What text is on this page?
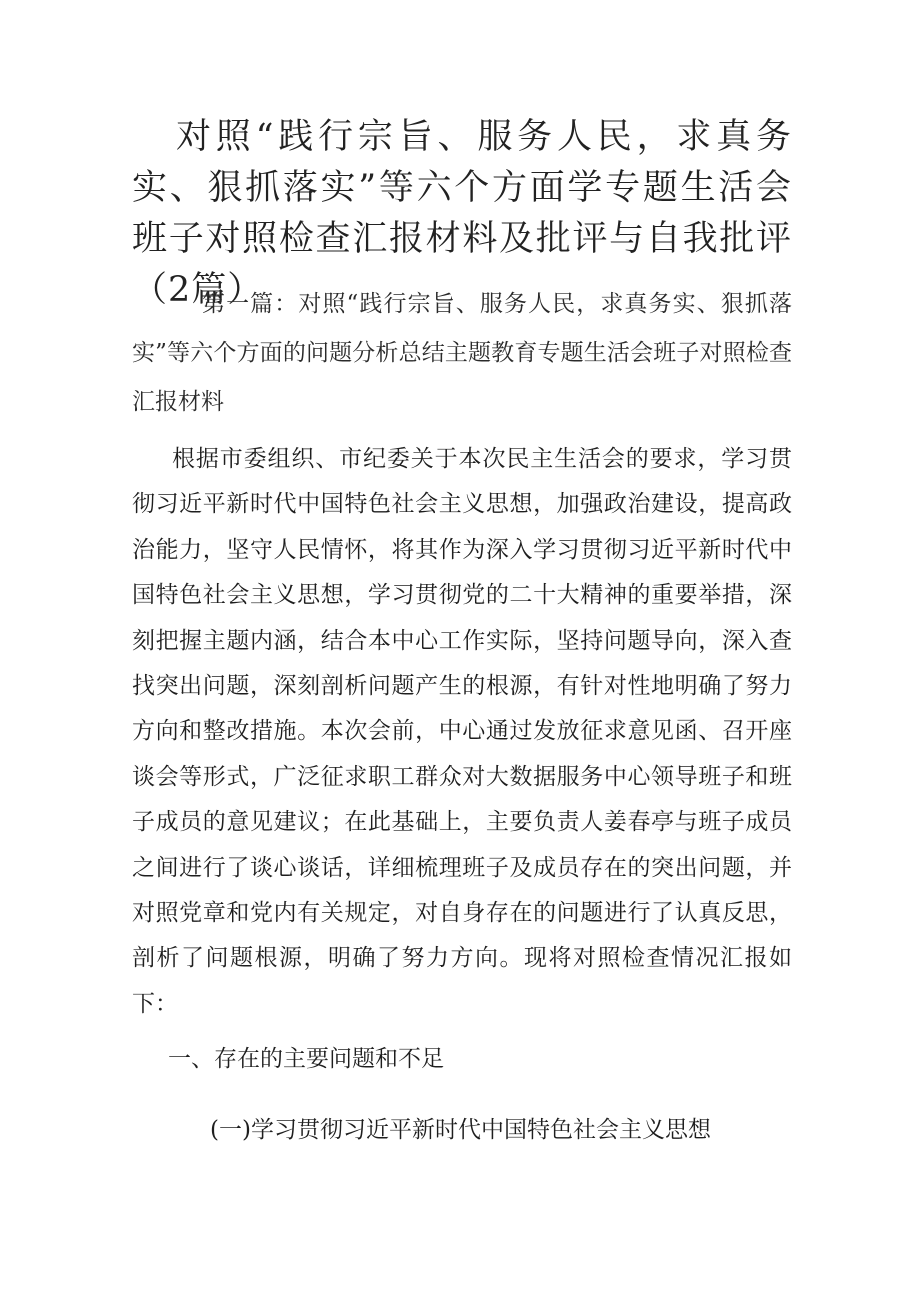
对照“践行宗旨、服务人民，求真务实、狠抓落实”等六个方面学专题生活会班子对照检查汇报材料及批评与自我批评（2篇）

第一篇：对照“践行宗旨、服务人民，求真务实、狠抓落实”等六个方面的问题分析总结主题教育专题生活会班子对照检查汇报材料

根据市委组织、市纪委关于本次民主生活会的要求，学习贯彻习近平新时代中国特色社会主义思想，加强政治建设，提高政治能力，坚守人民情怀，将其作为深入学习贯彻习近平新时代中国特色社会主义思想，学习贯彻党的二十大精神的重要举措，深刻把握主题内涵，结合本中心工作实际，坚持问题导向，深入查找突出问题，深刻剖析问题产生的根源，有针对性地明确了努力方向和整改措施。本次会前，中心通过发放征求意见函、召开座谈会等形式，广泛征求职工群众对大数据服务中心领导班子和班子成员的意见建议；在此基础上，主要负责人姜春亭与班子成员之间进行了谈心谈话，详细梳理班子及成员存在的突出问题，并对照党章和党内有关规定，对自身存在的问题进行了认真反思，剖析了问题根源，明确了努力方向。现将对照检查情况汇报如下：

一、存在的主要问题和不足

(一)学习贯彻习近平新时代中国特色社会主义思想
